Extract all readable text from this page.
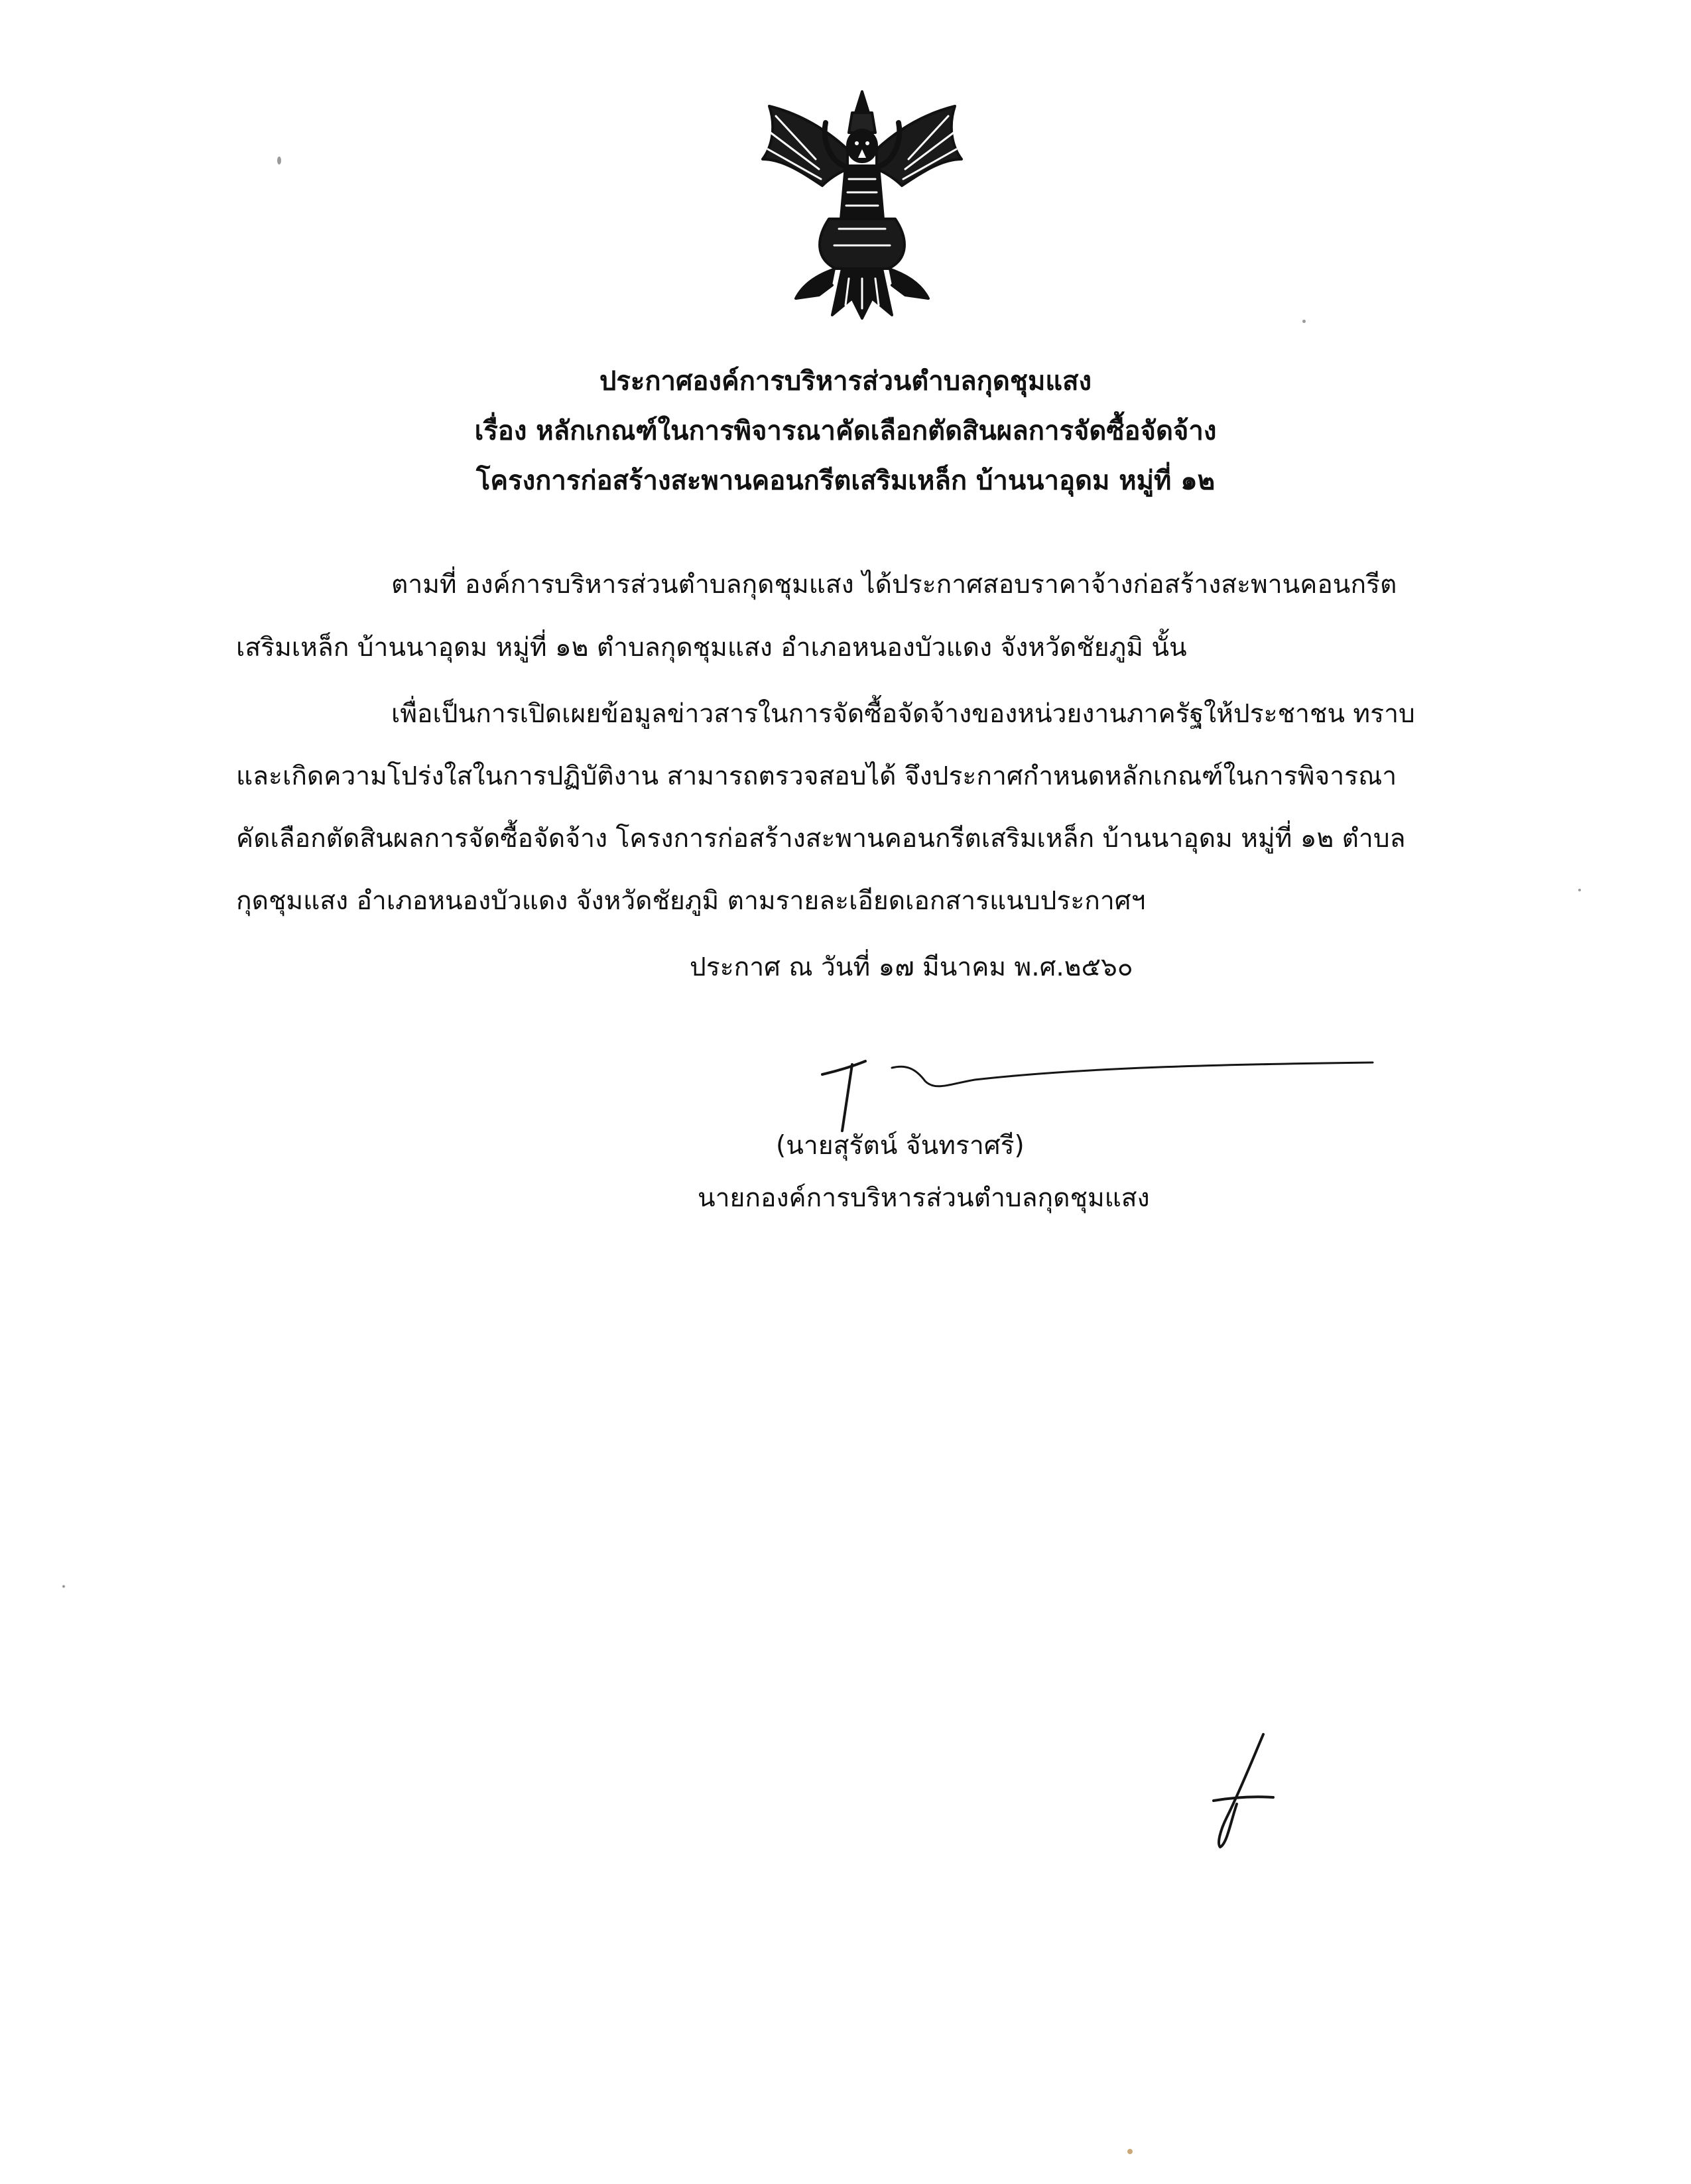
ประกาศองค์การบริหารส่วนตำบลกุดชุมแสง
เรื่อง หลักเกณฑ์ในการพิจารณาคัดเลือกตัดสินผลการจัดซื้อจัดจ้าง
โครงการก่อสร้างสะพานคอนกรีตเสริมเหล็ก บ้านนาอุดม หมู่ที่ ๑๒
ตามที่ องค์การบริหารส่วนตำบลกุดชุมแสง ได้ประกาศสอบราคาจ้างก่อสร้างสะพานคอนกรีต
เสริมเหล็ก บ้านนาอุดม หมู่ที่ ๑๒ ตำบลกุดชุมแสง อำเภอหนองบัวแดง จังหวัดชัยภูมิ นั้น
เพื่อเป็นการเปิดเผยข้อมูลข่าวสารในการจัดซื้อจัดจ้างของหน่วยงานภาครัฐให้ประชาชน ทราบ
และเกิดความโปร่งใสในการปฏิบัติงาน สามารถตรวจสอบได้ จึงประกาศกำหนดหลักเกณฑ์ในการพิจารณา
คัดเลือกตัดสินผลการจัดซื้อจัดจ้าง โครงการก่อสร้างสะพานคอนกรีตเสริมเหล็ก บ้านนาอุดม หมู่ที่ ๑๒ ตำบล
กุดชุมแสง อำเภอหนองบัวแดง จังหวัดชัยภูมิ ตามรายละเอียดเอกสารแนบประกาศฯ
ประกาศ ณ วันที่ ๑๗ มีนาคม พ.ศ.๒๕๖๐
(นายสุรัตน์ จันทราศรี)
นายกองค์การบริหารส่วนตำบลกุดชุมแสง
